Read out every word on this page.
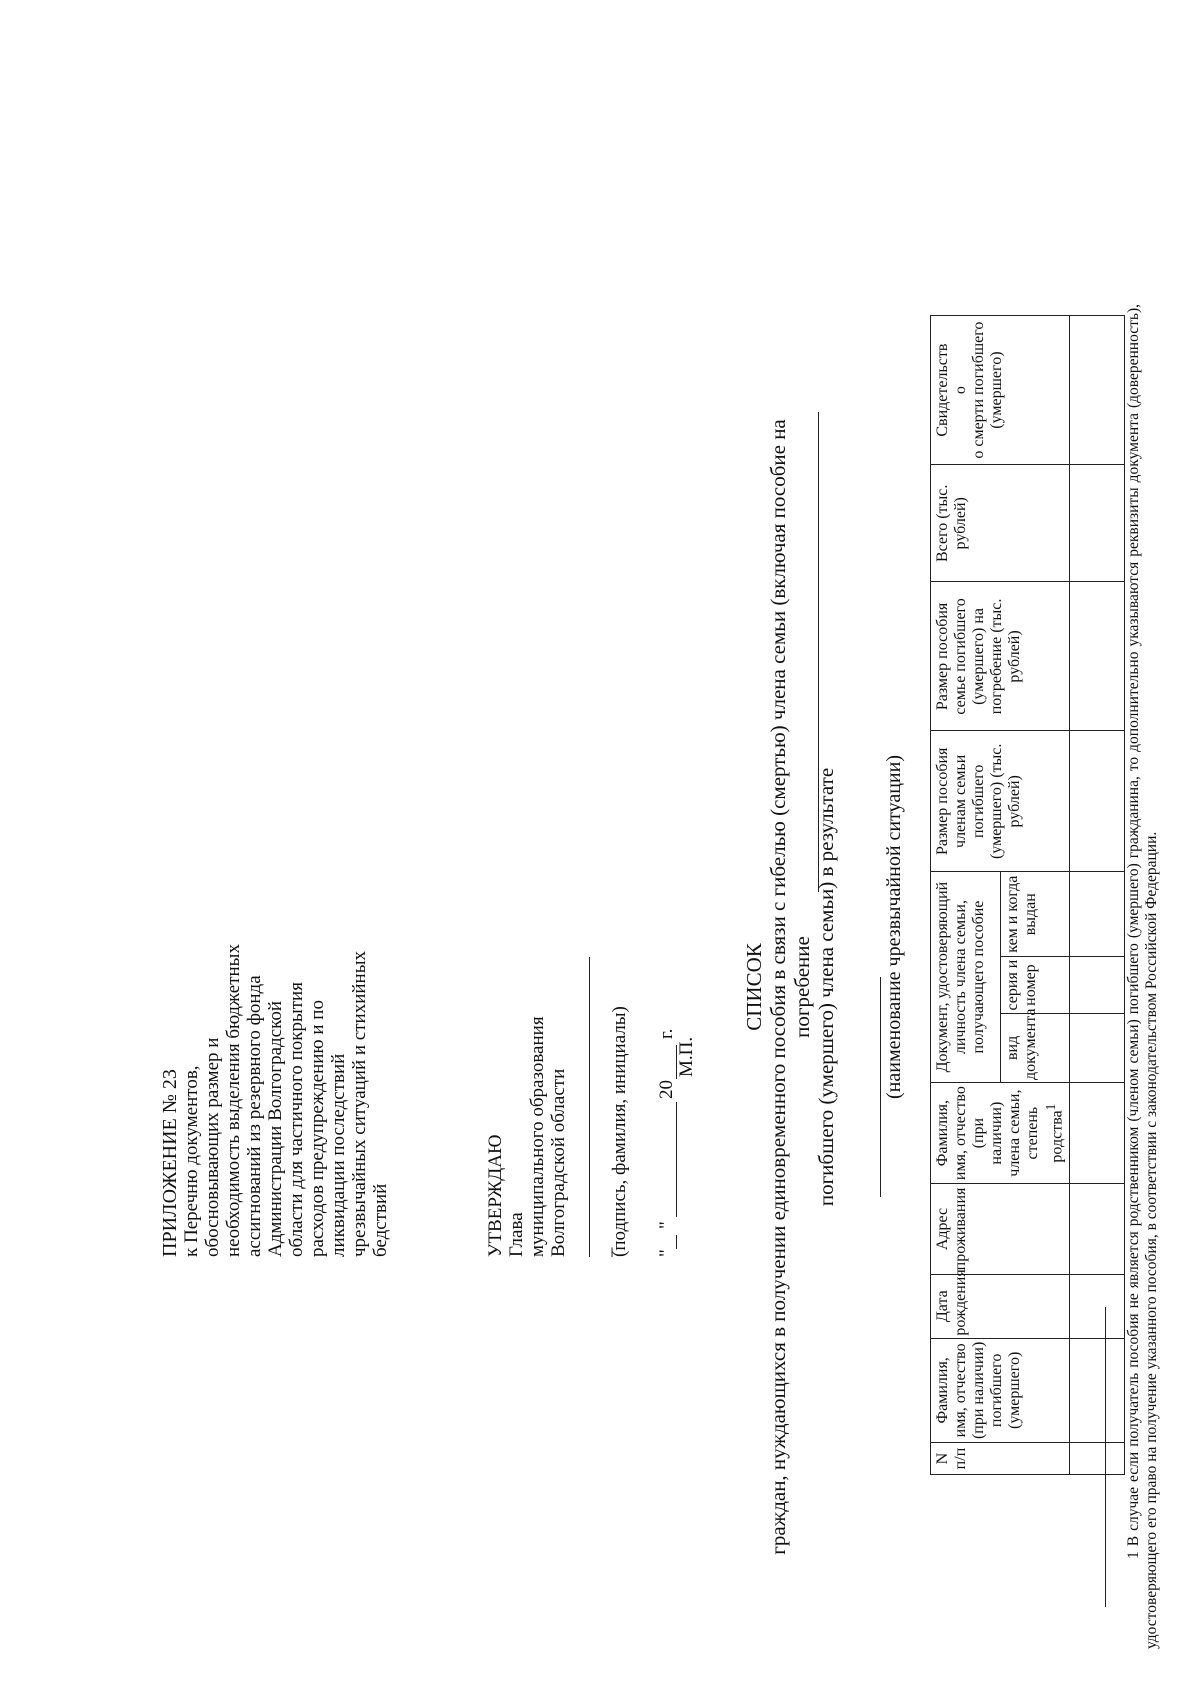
ПРИЛОЖЕНИЕ № 23 к Перечню документов, обосновывающих размер и необходимость выделения бюджетных ассигнований из резервного фонда Администрации Волгоградской области для частичного покрытия расходов предупреждению и по ликвидации последствий чрезвычайных ситуаций и стихийных бедствий	УТВЕРЖДАЮ Глава муниципального образования Волгоградской области _
(подпись, фамилия, инициалы) "
"
20
г.
М.П.
СПИСОК граждан, нуждающихся в получении единовременного пособия в связи с гибелью (смертью) члена семьи (включая пособие на погребение погибшего (умершего) члена семьи) в результате (наименование чрезвычайной ситуации)
N п/п	Фамилия, имя, отчество (при наличии) погибшего (умершего)	Дата рождения	Адрес проживания	Фамилия, имя, отчество (при наличии) члена семьи, степень родства$^1$	Документ, удостоверяющий личность члена семьи, получающего пособие			Размер пособия членам семьи погибшего (умершего) (тыс. рублей)	Размер пособия семье погибшего (умершего) на погребение (тыс. рублей)	Всего (тыс. рублей)	Свидетельств о о смерти погибшего (умершего)

					вид документа	серия и номер	кем и когда выдан				
												1 В случае если получатель пособия не является родственником (членом семьи) погибшего (умершего) гражданина, то дополнительно указываются реквизиты документа (доверенность), удостоверяющего его право на получение указанного пособия, в соответствии с законодательством Российской Федерации.
